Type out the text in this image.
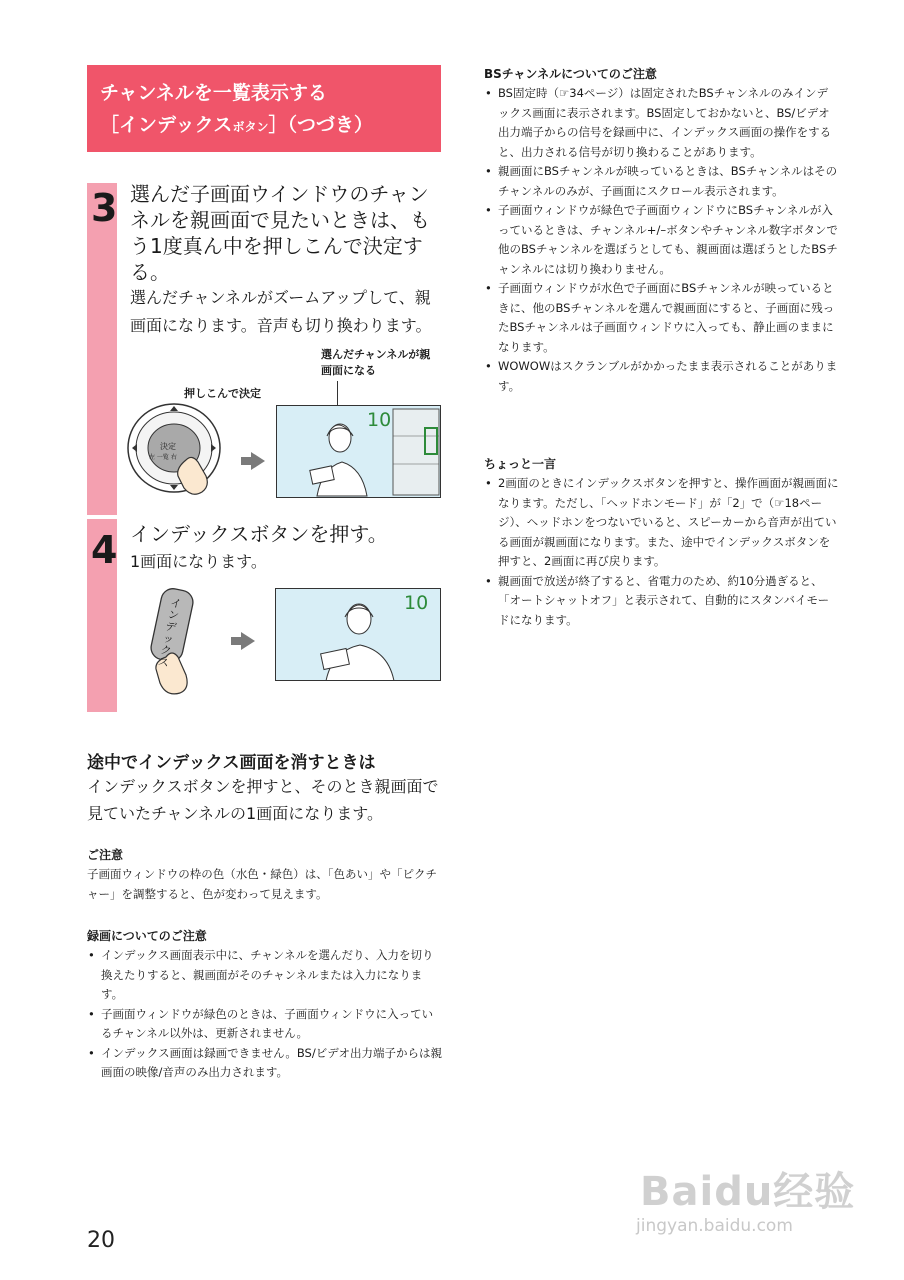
チャンネルを一覧表示する
［インデックスボタン］（つづき）
3 選んだ子画面ウインドウのチャンネルを親画面で見たいときは、もう1度真ん中を押しこんで決定する。
選んだチャンネルがズームアップして、親画面になります。音声も切り換わります。
選んだチャンネルが親画面になる
押しこんで決定
決定
左 一覧 右
10
4 インデックスボタンを押す。
1画面になります。
インデックス
10
途中でインデックス画面を消すときは
インデックスボタンを押すと、そのとき親画面で見ていたチャンネルの1画面になります。
ご注意
子画面ウィンドウの枠の色（水色・緑色）は、「色あい」や「ピクチャー」を調整すると、色が変わって見えます。
録画についてのご注意
• インデックス画面表示中に、チャンネルを選んだり、入力を切り換えたりすると、親画面がそのチャンネルまたは入力になります。
• 子画面ウィンドウが緑色のときは、子画面ウィンドウに入っているチャンネル以外は、更新されません。
• インデックス画面は録画できません。BS/ビデオ出力端子からは親画面の映像/音声のみ出力されます。
BSチャンネルについてのご注意
• BS固定時（☞34ページ）は固定されたBSチャンネルのみインデックス画面に表示されます。BS固定しておかないと、BS/ビデオ出力端子からの信号を録画中に、インデックス画面の操作をすると、出力される信号が切り換わることがあります。
• 親画面にBSチャンネルが映っているときは、BSチャンネルはそのチャンネルのみが、子画面にスクロール表示されます。
• 子画面ウィンドウが緑色で子画面ウィンドウにBSチャンネルが入っているときは、チャンネル+/–ボタンやチャンネル数字ボタンで他のBSチャンネルを選ぼうとしても、親画面は選ぼうとしたBSチャンネルには切り換わりません。
• 子画面ウィンドウが水色で子画面にBSチャンネルが映っているときに、他のBSチャンネルを選んで親画面にすると、子画面に残ったBSチャンネルは子画面ウィンドウに入っても、静止画のままになります。
• WOWOWはスクランブルがかかったまま表示されることがあります。
ちょっと一言
• 2画面のときにインデックスボタンを押すと、操作画面が親画面になります。ただし、「ヘッドホンモード」が「2」で（☞18ページ）、ヘッドホンをつないでいると、スピーカーから音声が出ている画面が親画面になります。また、途中でインデックスボタンを押すと、2画面に再び戻ります。
• 親画面で放送が終了すると、省電力のため、約10分過ぎると、「オートシャットオフ」と表示されて、自動的にスタンバイモードになります。
20
Baidu经验
jingyan.baidu.com
